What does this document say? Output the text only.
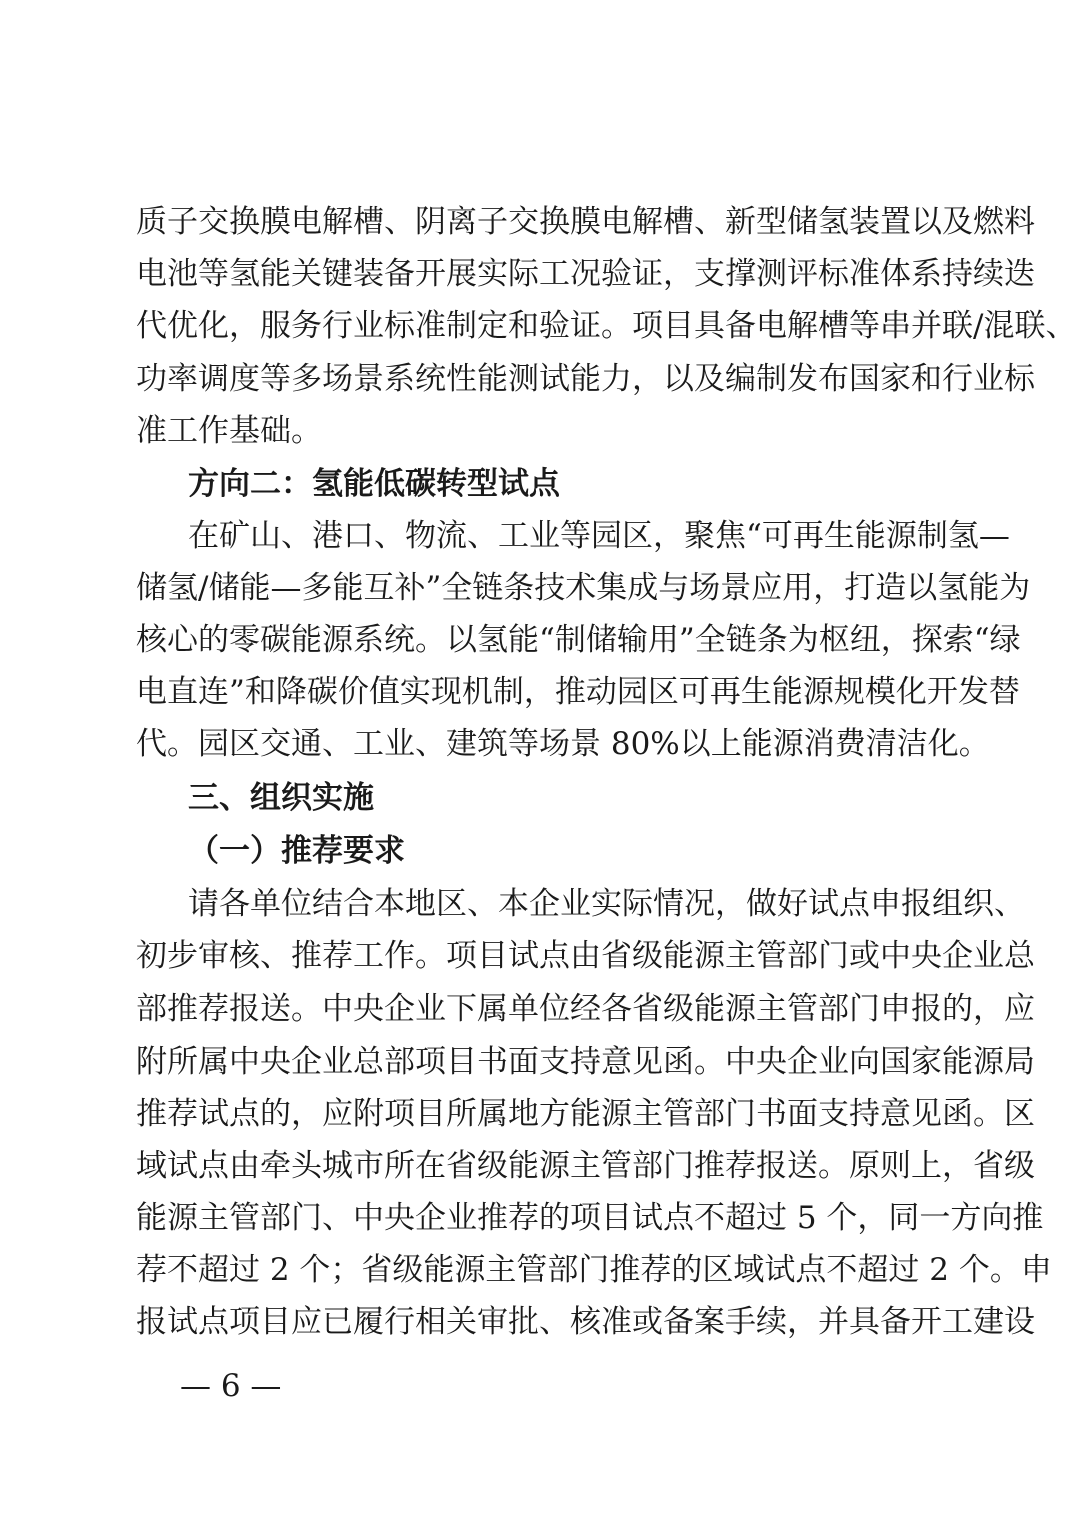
质子交换膜电解槽、阴离子交换膜电解槽、新型储氢装置以及燃料
电池等氢能关键装备开展实际工况验证，支撑测评标准体系持续迭
代优化，服务行业标准制定和验证。项目具备电解槽等串并联/混联、
功率调度等多场景系统性能测试能力，以及编制发布国家和行业标
准工作基础。
方向二：氢能低碳转型试点
在矿山、港口、物流、工业等园区，聚焦“可再生能源制氢—
储氢/储能—多能互补”全链条技术集成与场景应用，打造以氢能为
核心的零碳能源系统。以氢能“制储输用”全链条为枢纽，探索“绿
电直连”和降碳价值实现机制，推动园区可再生能源规模化开发替
代。园区交通、工业、建筑等场景 80%以上能源消费清洁化。
三、组织实施
（一）推荐要求
请各单位结合本地区、本企业实际情况，做好试点申报组织、
初步审核、推荐工作。项目试点由省级能源主管部门或中央企业总
部推荐报送。中央企业下属单位经各省级能源主管部门申报的，应
附所属中央企业总部项目书面支持意见函。中央企业向国家能源局
推荐试点的，应附项目所属地方能源主管部门书面支持意见函。区
域试点由牵头城市所在省级能源主管部门推荐报送。原则上，省级
能源主管部门、中央企业推荐的项目试点不超过 5 个，同一方向推
荐不超过 2 个；省级能源主管部门推荐的区域试点不超过 2 个。申
报试点项目应已履行相关审批、核准或备案手续，并具备开工建设
— 6 —
